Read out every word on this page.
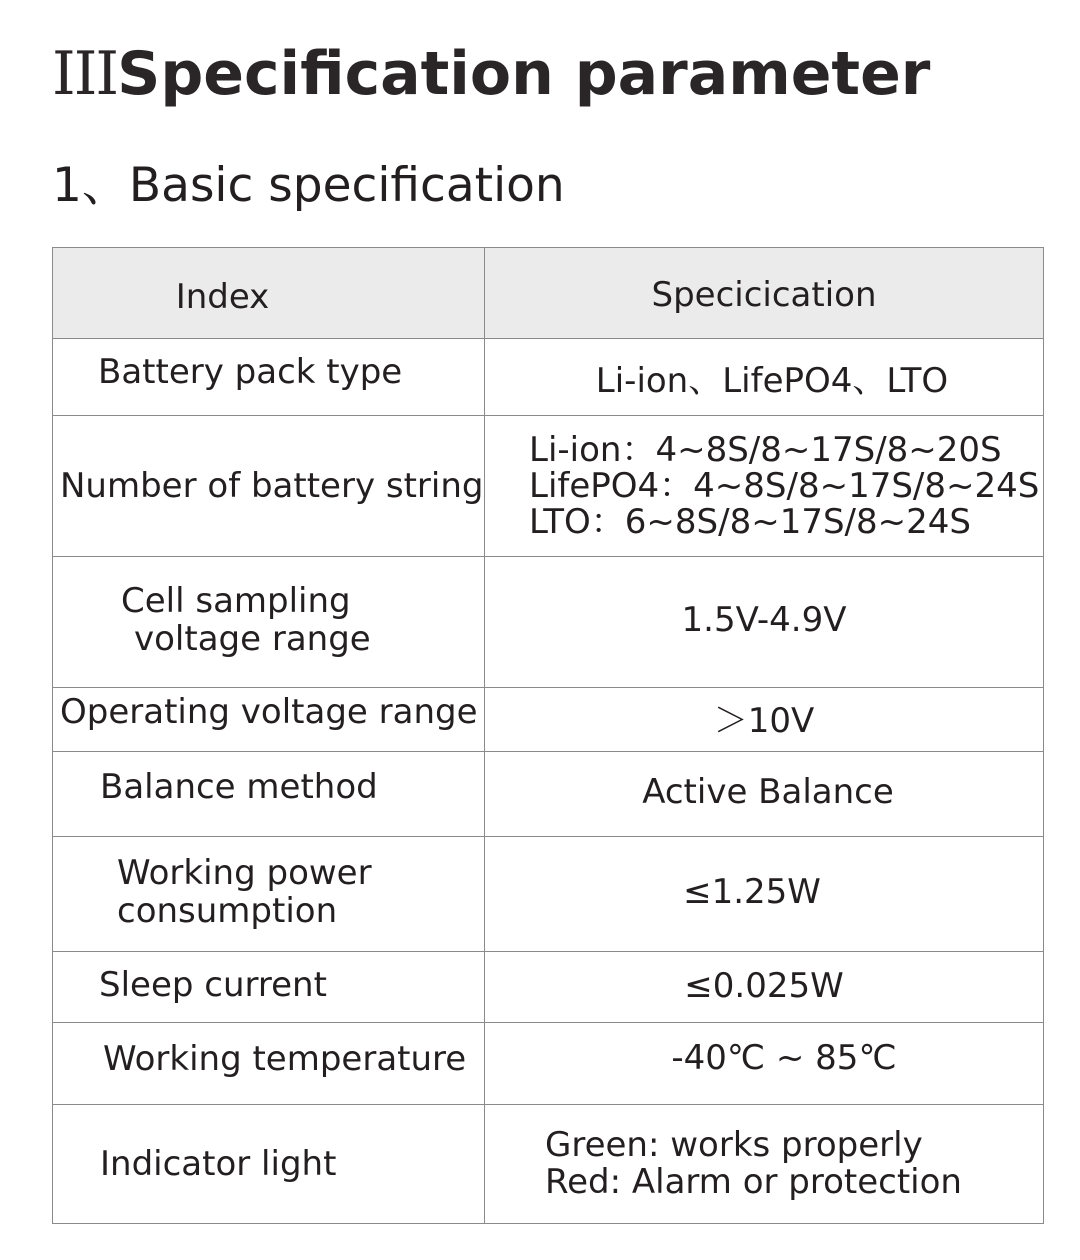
IIISpecification parameter
1、Basic specification
Index	Specicication

Battery pack type	Li-ion、LifePO4、LTO

Number of battery string	Li-ion：4~8S/8~17S/8~20S
LifePO4：4~8S/8~17S/8~24S
LTO：6~8S/8~17S/8~24S

Cell sampling
voltage range	1.5V-4.9V

Operating voltage range	＞10V

Balance method	Active Balance

Working power
consumption	≤1.25W

Sleep current	≤0.025W

Working temperature	-40℃ ~ 85℃

Indicator light	Green: works properly
Red: Alarm or protection
